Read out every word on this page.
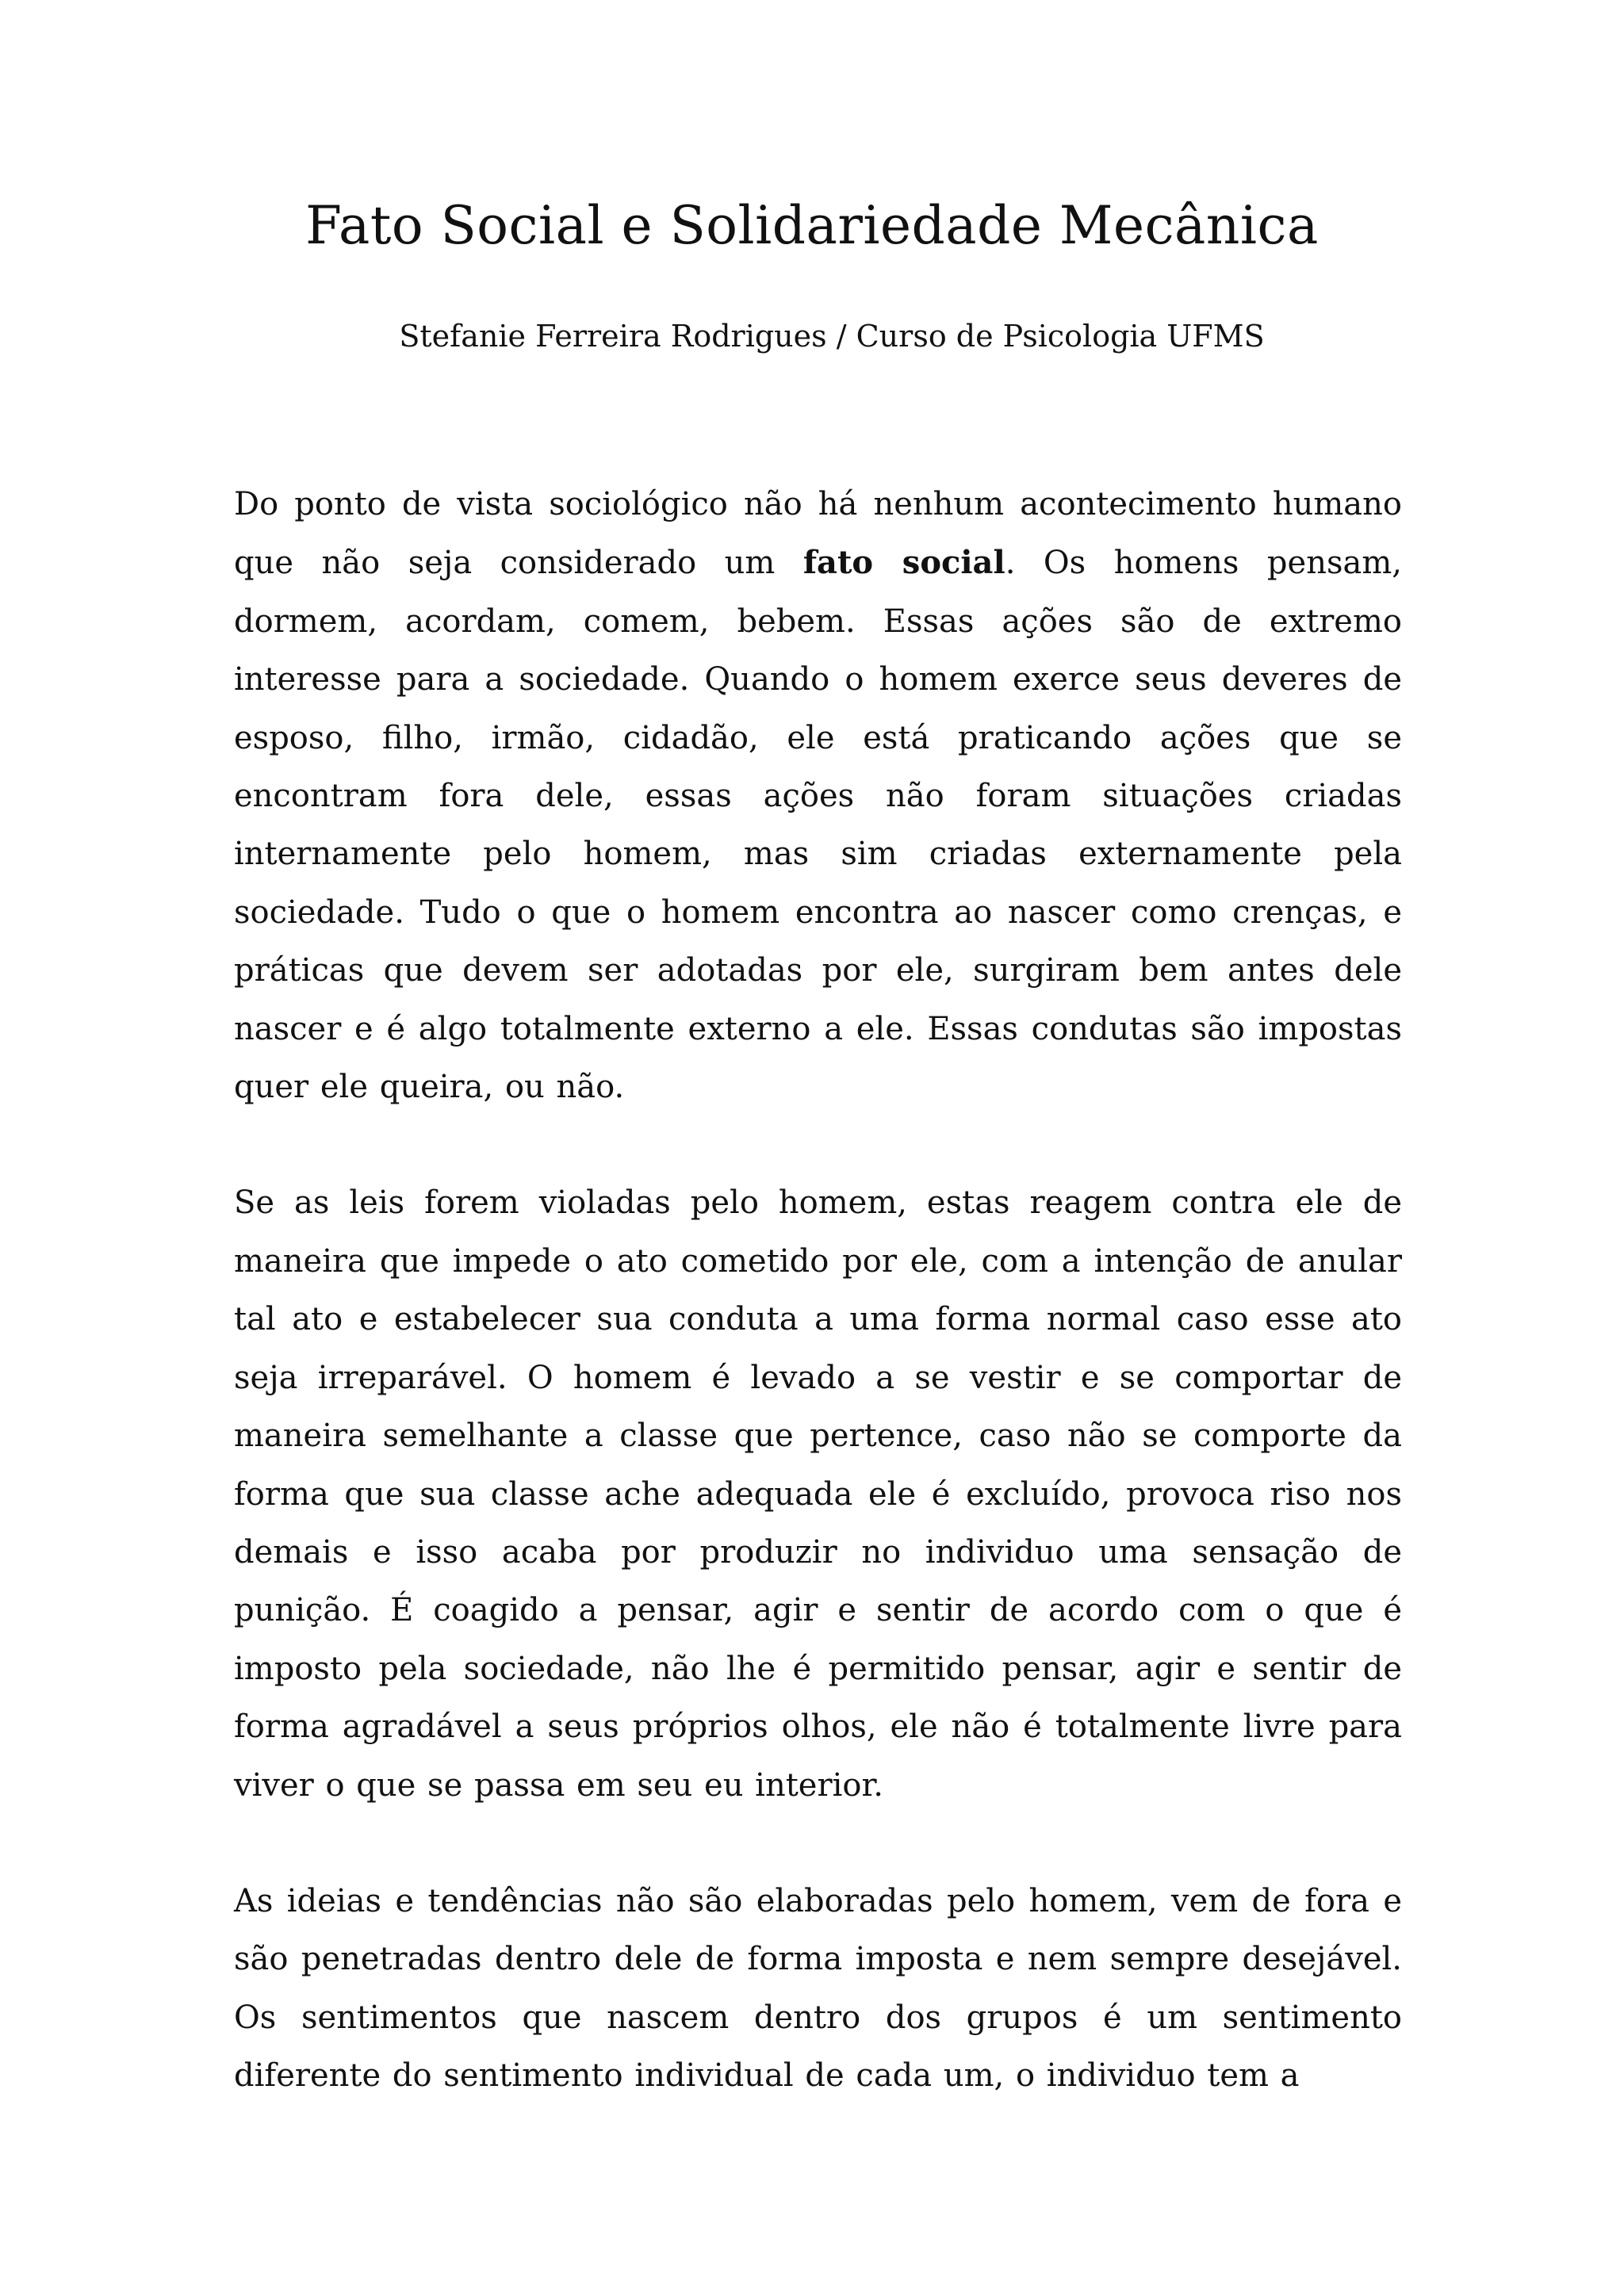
Fato Social e Solidariedade Mecânica

Stefanie Ferreira Rodrigues / Curso de Psicologia UFMS

Do ponto de vista sociológico não há nenhum acontecimento humano que não seja considerado um fato social. Os homens pensam, dormem, acordam, comem, bebem. Essas ações são de extremo interesse para a sociedade. Quando o homem exerce seus deveres de esposo, filho, irmão, cidadão, ele está praticando ações que se encontram fora dele, essas ações não foram situações criadas internamente pelo homem, mas sim criadas externamente pela sociedade. Tudo o que o homem encontra ao nascer como crenças, e práticas que devem ser adotadas por ele, surgiram bem antes dele nascer e é algo totalmente externo a ele. Essas condutas são impostas quer ele queira, ou não.

Se as leis forem violadas pelo homem, estas reagem contra ele de maneira que impede o ato cometido por ele, com a intenção de anular tal ato e estabelecer sua conduta a uma forma normal caso esse ato seja irreparável. O homem é levado a se vestir e se comportar de maneira semelhante a classe que pertence, caso não se comporte da forma que sua classe ache adequada ele é excluído, provoca riso nos demais e isso acaba por produzir no individuo uma sensação de punição. É coagido a pensar, agir e sentir de acordo com o que é imposto pela sociedade, não lhe é permitido pensar, agir e sentir de forma agradável a seus próprios olhos, ele não é totalmente livre para viver o que se passa em seu eu interior.

As ideias e tendências não são elaboradas pelo homem, vem de fora e são penetradas dentro dele de forma imposta e nem sempre desejável. Os sentimentos que nascem dentro dos grupos é um sentimento diferente do sentimento individual de cada um, o individuo tem a
